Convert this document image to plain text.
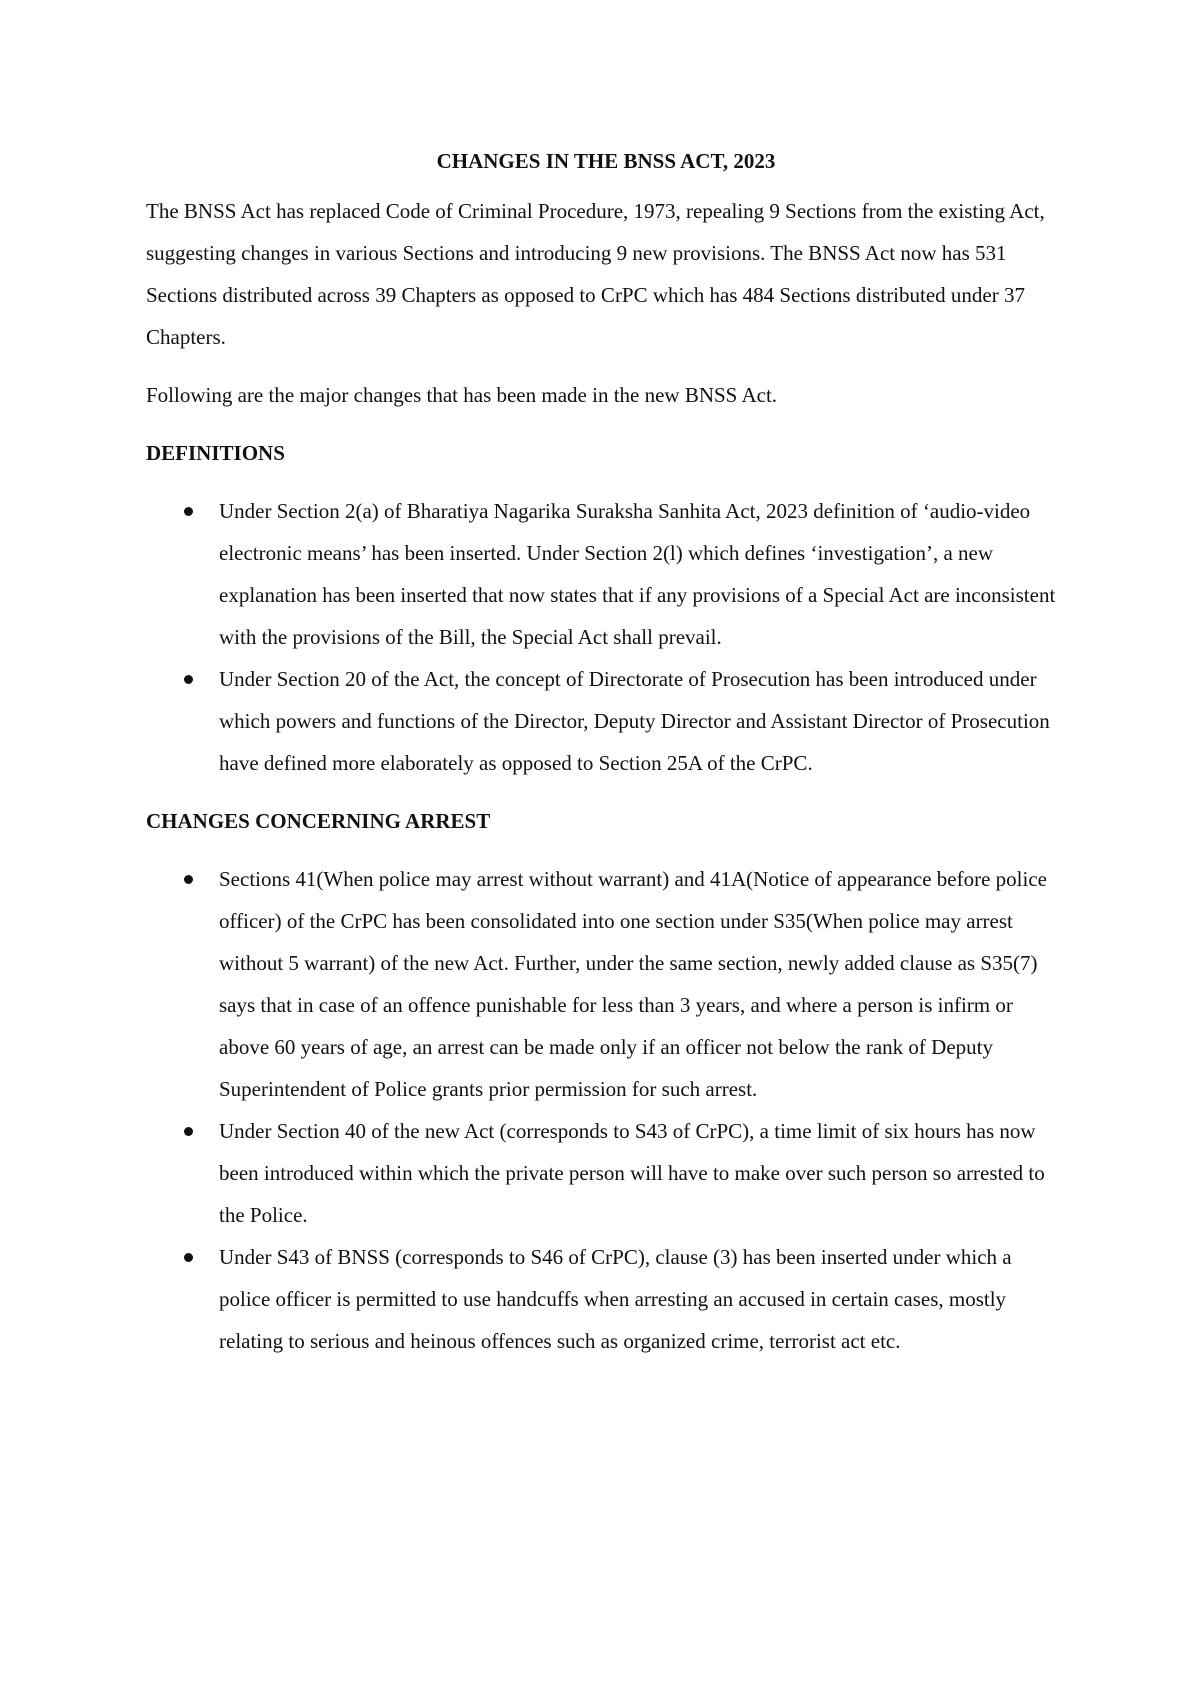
CHANGES IN THE BNSS ACT, 2023

The BNSS Act has replaced Code of Criminal Procedure, 1973, repealing 9 Sections from the existing Act, suggesting changes in various Sections and introducing 9 new provisions. The BNSS Act now has 531 Sections distributed across 39 Chapters as opposed to CrPC which has 484 Sections distributed under 37 Chapters.

Following are the major changes that has been made in the new BNSS Act.

DEFINITIONS
Under Section 2(a) of Bharatiya Nagarika Suraksha Sanhita Act, 2023 definition of ‘audio-video electronic means’ has been inserted. Under Section 2(l) which defines ‘investigation’, a new explanation has been inserted that now states that if any provisions of a Special Act are inconsistent with the provisions of the Bill, the Special Act shall prevail.
Under Section 20 of the Act, the concept of Directorate of Prosecution has been introduced under which powers and functions of the Director, Deputy Director and Assistant Director of Prosecution have defined more elaborately as opposed to Section 25A of the CrPC.
CHANGES CONCERNING ARREST
Sections 41(When police may arrest without warrant) and 41A(Notice of appearance before police officer) of the CrPC has been consolidated into one section under S35(When police may arrest without 5 warrant) of the new Act. Further, under the same section, newly added clause as S35(7) says that in case of an offence punishable for less than 3 years, and where a person is infirm or above 60 years of age, an arrest can be made only if an officer not below the rank of Deputy Superintendent of Police grants prior permission for such arrest.
Under Section 40 of the new Act (corresponds to S43 of CrPC), a time limit of six hours has now been introduced within which the private person will have to make over such person so arrested to the Police.
Under S43 of BNSS (corresponds to S46 of CrPC), clause (3) has been inserted under which a police officer is permitted to use handcuffs when arresting an accused in certain cases, mostly relating to serious and heinous offences such as organized crime, terrorist act etc.
